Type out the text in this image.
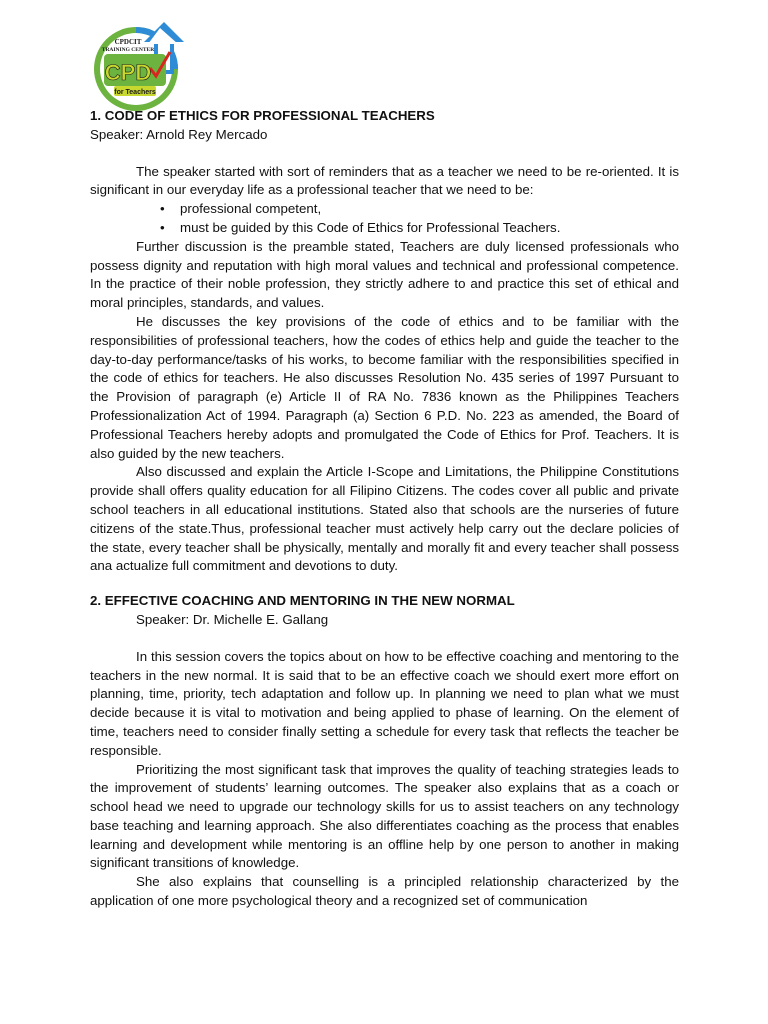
CPDCIT
TRAINING CENTER
CPD
for Teachers
1. CODE OF ETHICS FOR PROFESSIONAL TEACHERS
Speaker: Arnold Rey Mercado

The speaker started with sort of reminders that as a teacher we need to be re-oriented. It is significant in our everyday life as a professional teacher that we need to be:

• professional competent,
• must be guided by this Code of Ethics for Professional Teachers.

Further discussion is the preamble stated, Teachers are duly licensed professionals who possess dignity and reputation with high moral values and technical and professional competence. In the practice of their noble profession, they strictly adhere to and practice this set of ethical and moral principles, standards, and values.

He discusses the key provisions of the code of ethics and to be familiar with the responsibilities of professional teachers, how the codes of ethics help and guide the teacher to the day-to-day performance/tasks of his works, to become familiar with the responsibilities specified in the code of ethics for teachers. He also discusses Resolution No. 435 series of 1997 Pursuant to the Provision of paragraph (e) Article II of RA No. 7836 known as the Philippines Teachers Professionalization Act of 1994. Paragraph (a) Section 6 P.D. No. 223 as amended, the Board of Professional Teachers hereby adopts and promulgated the Code of Ethics for Prof. Teachers. It is also guided by the new teachers.

Also discussed and explain the Article I-Scope and Limitations, the Philippine Constitutions provide shall offers quality education for all Filipino Citizens. The codes cover all public and private school teachers in all educational institutions. Stated also that schools are the nurseries of future citizens of the state.Thus, professional teacher must actively help carry out the declare policies of the state, every teacher shall be physically, mentally and morally fit and every teacher shall possess ana actualize full commitment and devotions to duty.

2. EFFECTIVE COACHING AND MENTORING IN THE NEW NORMAL
Speaker: Dr. Michelle E. Gallang

In this session covers the topics about on how to be effective coaching and mentoring to the teachers in the new normal. It is said that to be an effective coach we should exert more effort on planning, time, priority, tech adaptation and follow up. In planning we need to plan what we must decide because it is vital to motivation and being applied to phase of learning. On the element of time, teachers need to consider finally setting a schedule for every task that reflects the teacher be responsible.

Prioritizing the most significant task that improves the quality of teaching strategies leads to the improvement of students’ learning outcomes. The speaker also explains that as a coach or school head we need to upgrade our technology skills for us to assist teachers on any technology base teaching and learning approach. She also differentiates coaching as the process that enables learning and development while mentoring is an offline help by one person to another in making significant transitions of knowledge.

She also explains that counselling is a principled relationship characterized by the application of one more psychological theory and a recognized set of communication
